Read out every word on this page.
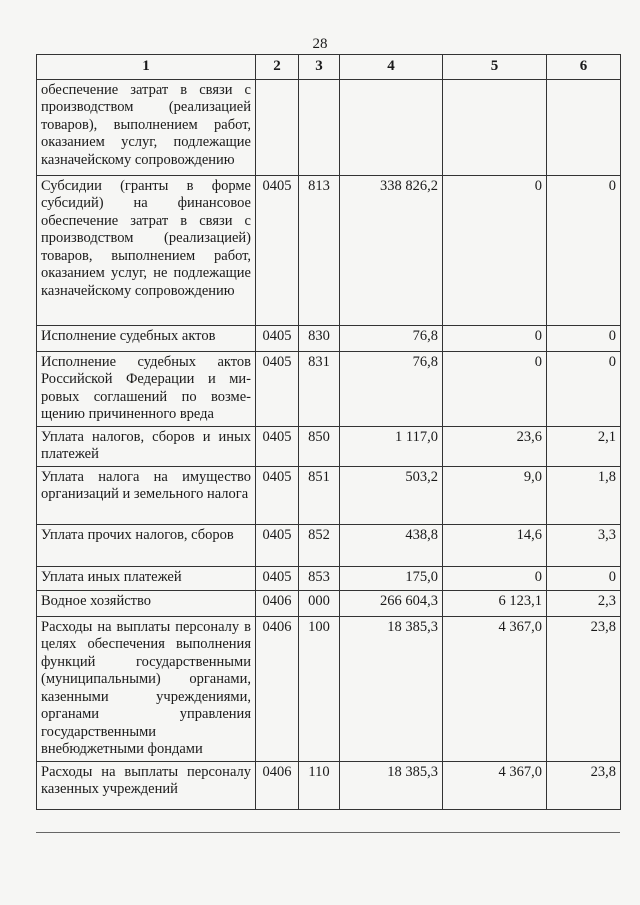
28
1	2	3	4	5	6
обеспечение затрат в связи с производством (реализацией товаров), выполнением работ, оказанием услуг, подлежащие казначейскому сопровождению					
Субсидии (гранты в форме субсидий) на финансовое обеспечение затрат в связи с производством (реализацией) товаров, выполнением работ, оказанием услуг, не подлежащие казначейскому сопровождению	0405	813	338 826,2	0	0
Исполнение судебных актов	0405	830	76,8	0	0
Исполнение судебных актов Российской Федерации и мировых соглашений по возмещению причиненного вреда	0405	831	76,8	0	0
Уплата налогов, сборов и иных платежей	0405	850	1 117,0	23,6	2,1
Уплата налога на имущество организаций и земельного налога	0405	851	503,2	9,0	1,8
Уплата прочих налогов, сборов	0405	852	438,8	14,6	3,3
Уплата иных платежей	0405	853	175,0	0	0
Водное хозяйство	0406	000	266 604,3	6 123,1	2,3
Расходы на выплаты персоналу в целях обеспечения выполнения функций государственными (муниципальными) органами, казенными учреждениями, органами управления государственными внебюджетными фондами	0406	100	18 385,3	4 367,0	23,8
Расходы на выплаты персоналу казенных учреждений	0406	110	18 385,3	4 367,0	23,8
